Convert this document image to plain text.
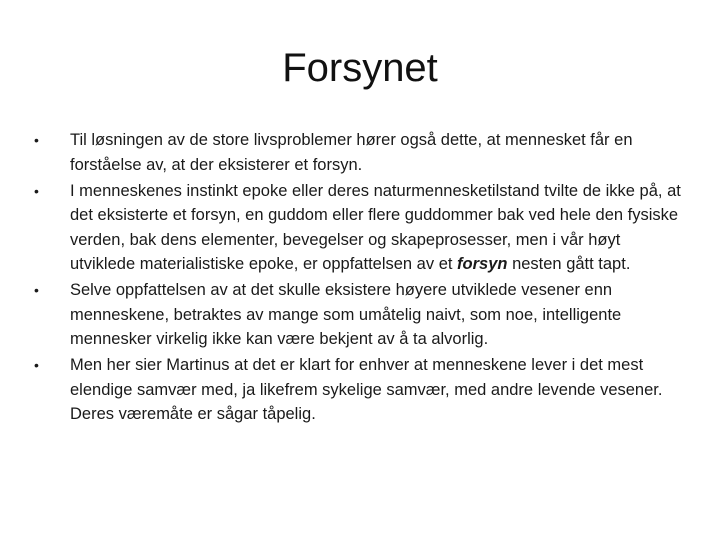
Forsynet
•	Til løsningen av de store livsproblemer hører også dette, at mennesket får en forståelse av, at der eksisterer et forsyn.
•	I menneskenes instinkt epoke eller deres naturmennesketilstand tvilte de ikke på, at det eksisterte et forsyn, en guddom eller flere guddommer bak ved hele den fysiske verden, bak dens elementer, bevegelser og skapeprosesser, men i vår høyt utviklede materialistiske epoke, er oppfattelsen av et forsyn nesten gått tapt.
•	Selve oppfattelsen av at det skulle eksistere høyere utviklede vesener enn menneskene, betraktes av mange som umåtelig naivt, som noe, intelligente mennesker virkelig ikke kan være bekjent av å ta alvorlig.
•	Men her sier Martinus at det er klart for enhver at menneskene lever i det mest elendige samvær med, ja likefrem sykelige samvær, med andre levende vesener. Deres væremåte er sågar tåpelig.
